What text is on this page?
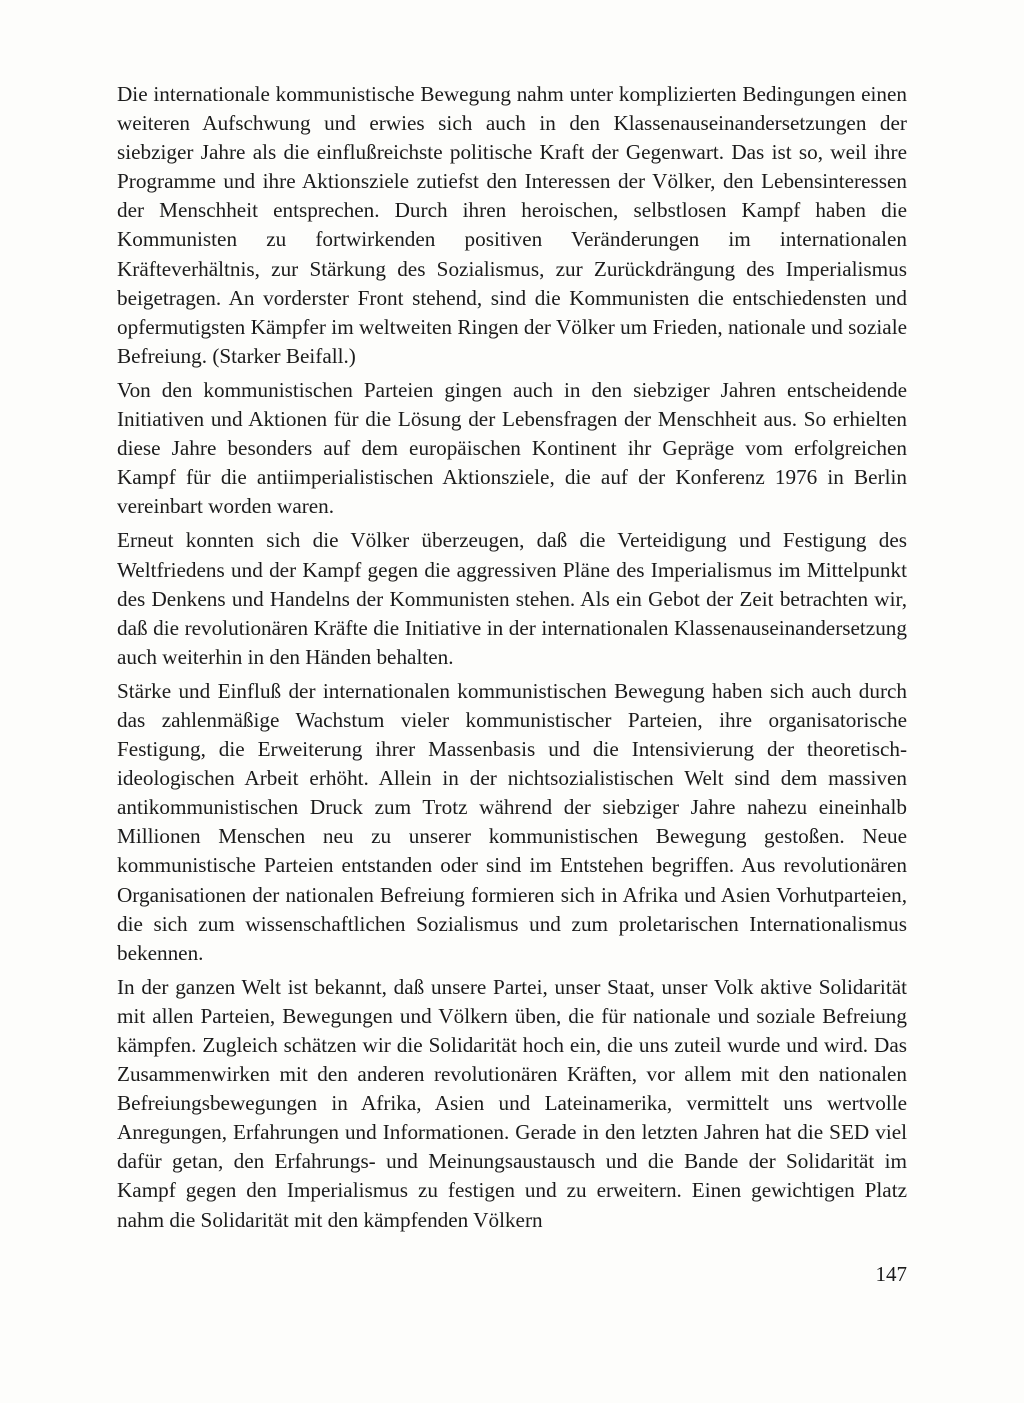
Die internationale kommunistische Bewegung nahm unter komplizierten Bedingungen einen weiteren Aufschwung und erwies sich auch in den Klassenauseinandersetzungen der siebziger Jahre als die einflußreichste politische Kraft der Gegenwart. Das ist so, weil ihre Programme und ihre Aktionsziele zutiefst den Interessen der Völker, den Lebensinteressen der Menschheit entsprechen. Durch ihren heroischen, selbstlosen Kampf haben die Kommunisten zu fortwirkenden positiven Veränderungen im internationalen Kräfteverhältnis, zur Stärkung des Sozialismus, zur Zurückdrängung des Imperialismus beigetragen. An vorderster Front stehend, sind die Kommunisten die entschiedensten und opfermutigsten Kämpfer im weltweiten Ringen der Völker um Frieden, nationale und soziale Befreiung. (Starker Beifall.)

Von den kommunistischen Parteien gingen auch in den siebziger Jahren entscheidende Initiativen und Aktionen für die Lösung der Lebensfragen der Menschheit aus. So erhielten diese Jahre besonders auf dem europäischen Kontinent ihr Gepräge vom erfolgreichen Kampf für die antiimperialistischen Aktionsziele, die auf der Konferenz 1976 in Berlin vereinbart worden waren.

Erneut konnten sich die Völker überzeugen, daß die Verteidigung und Festigung des Weltfriedens und der Kampf gegen die aggressiven Pläne des Imperialismus im Mittelpunkt des Denkens und Handelns der Kommunisten stehen. Als ein Gebot der Zeit betrachten wir, daß die revolutionären Kräfte die Initiative in der internationalen Klassenauseinandersetzung auch weiterhin in den Händen behalten.

Stärke und Einfluß der internationalen kommunistischen Bewegung haben sich auch durch das zahlenmäßige Wachstum vieler kommunistischer Parteien, ihre organisatorische Festigung, die Erweiterung ihrer Massenbasis und die Intensivierung der theoretisch-ideologischen Arbeit erhöht. Allein in der nichtsozialistischen Welt sind dem massiven antikommunistischen Druck zum Trotz während der siebziger Jahre nahezu eineinhalb Millionen Menschen neu zu unserer kommunistischen Bewegung gestoßen. Neue kommunistische Parteien entstanden oder sind im Entstehen begriffen. Aus revolutionären Organisationen der nationalen Befreiung formieren sich in Afrika und Asien Vorhutparteien, die sich zum wissenschaftlichen Sozialismus und zum proletarischen Internationalismus bekennen.

In der ganzen Welt ist bekannt, daß unsere Partei, unser Staat, unser Volk aktive Solidarität mit allen Parteien, Bewegungen und Völkern üben, die für nationale und soziale Befreiung kämpfen. Zugleich schätzen wir die Solidarität hoch ein, die uns zuteil wurde und wird. Das Zusammenwirken mit den anderen revolutionären Kräften, vor allem mit den nationalen Befreiungsbewegungen in Afrika, Asien und Lateinamerika, vermittelt uns wertvolle Anregungen, Erfahrungen und Informationen. Gerade in den letzten Jahren hat die SED viel dafür getan, den Erfahrungs- und Meinungsaustausch und die Bande der Solidarität im Kampf gegen den Imperialismus zu festigen und zu erweitern. Einen gewichtigen Platz nahm die Solidarität mit den kämpfenden Völkern

147
